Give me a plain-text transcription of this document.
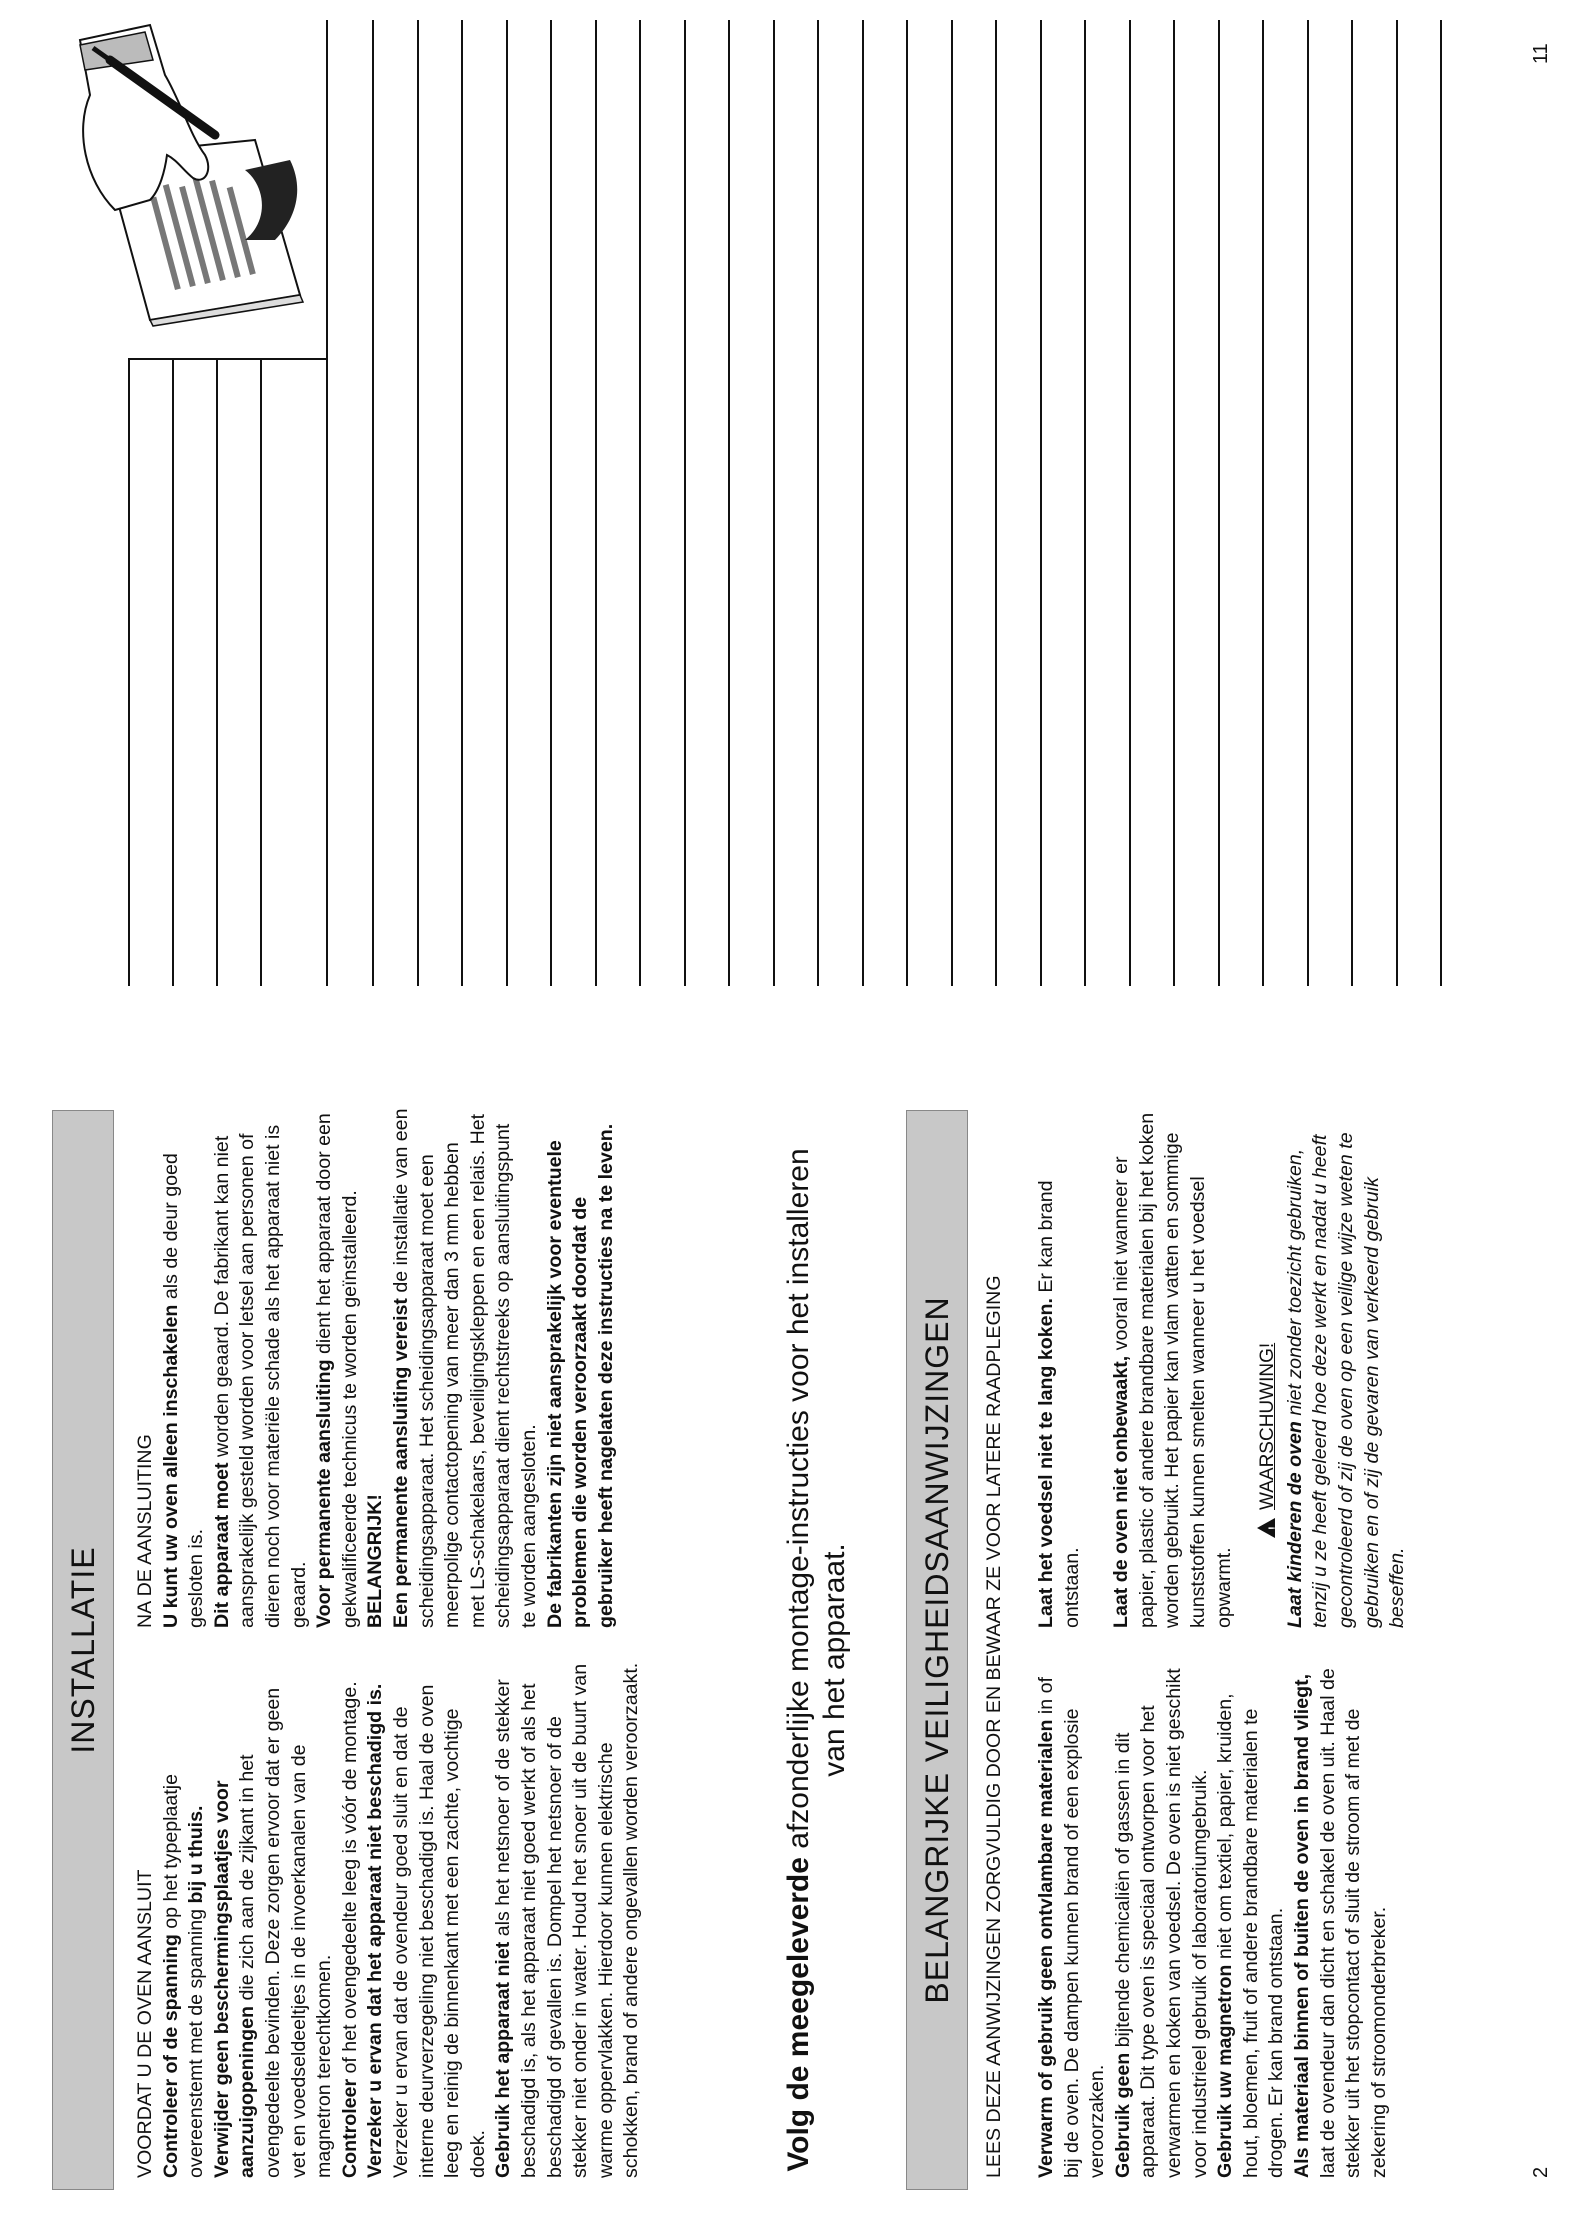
INSTALLATIE

VOORDAT U DE OVEN AANSLUIT Controleer of de spanning op het typeplaatje overeenstemt met de spanning bij u thuis. Verwijder geen beschermingsplaatjes voor aanzuigopeningen die zich aan de zijkant in het ovengedeelte bevinden. Deze zorgen ervoor dat er geen vet en voedseldeeltjes in de invoerkanalen van de magnetron terechtkomen. Controleer of het ovengedeelte leeg is vóór de montage. Verzeker u ervan dat het apparaat niet beschadigd is. Verzeker u ervan dat de ovendeur goed sluit en dat de interne deurverzegeling niet beschadigd is. Haal de oven leeg en reinig de binnenkant met een zachte, vochtige doek. Gebruik het apparaat niet als het netsnoer of de stekker beschadigd is, als het apparaat niet goed werkt of als het beschadigd of gevallen is. Dompel het netsnoer of de stekker niet onder in water. Houd het snoer uit de buurt van warme oppervlakken. Hierdoor kunnen elektrische schokken, brand of andere ongevallen worden veroorzaakt.

NA DE AANSLUITING U kunt uw oven alleen inschakelen als de deur goed gesloten is. Dit apparaat moet worden geaard. De fabrikant kan niet aansprakelijk gesteld worden voor letsel aan personen of dieren noch voor materiële schade als het apparaat niet is geaard. Voor permanente aansluiting dient het apparaat door een gekwalificeerde technicus te worden geïnstalleerd. BELANGRIJK! Een permanente aansluiting vereist de installatie van een scheidingsapparaat. Het scheidingsapparaat moet een meerpolige contactopening van meer dan 3 mm hebben met LS-schakelaars, beveiligingskleppen en een relais. Het scheidingsapparaat dient rechtstreeks op aansluitingspunt te worden aangesloten. De fabrikanten zijn niet aansprakelijk voor eventuele problemen die worden veroorzaakt doordat de gebruiker heeft nagelaten deze instructies na te leven.

Volg de meegeleverde afzonderlijke montage-instructies voor het installeren van het apparaat.	BELANGRIJKE VEILIGHEIDSAANWIJZINGEN	LEES DEZE AANWIJZINGEN ZORGVULDIG DOOR EN BEWAAR ZE VOOR LATERE RAADPLEGING Verwarm of gebruik geen ontvlambare materialen in of bij de oven. De dampen kunnen brand of een explosie veroorzaken. Gebruik geen bijtende chemicaliën of gassen in dit apparaat. Dit type oven is speciaal ontworpen voor het verwarmen en koken van voedsel. De oven is niet geschikt voor industrieel gebruik of laboratoriumgebruik. Gebruik uw magnetron niet om textiel, papier, kruiden, hout, bloemen, fruit of andere brandbare materialen te drogen. Er kan brand ontstaan. Als materiaal binnen of buiten de oven in brand vliegt, laat de ovendeur dan dicht en schakel de oven uit. Haal de stekker uit het stopcontact of sluit de stroom af met de zekering of stroomonderbreker.

Laat het voedsel niet te lang koken. Er kan brand ontstaan. Laat de oven niet onbewaakt, vooral niet wanneer er papier, plastic of andere brandbare materialen bij het koken worden gebruikt. Het papier kan vlam vatten en sommige kunststoffen kunnen smelten wanneer u het voedsel opwarmt.

!
WAARSCHUWING! Laat kinderen de oven niet zonder toezicht gebruiken, tenzij u ze heeft geleerd hoe deze werkt en nadat u heeft gecontroleerd of zij de oven op een veilige wijze weten te gebruiken en of zij de gevaren van verkeerd gebruik beseffen.

2
11
